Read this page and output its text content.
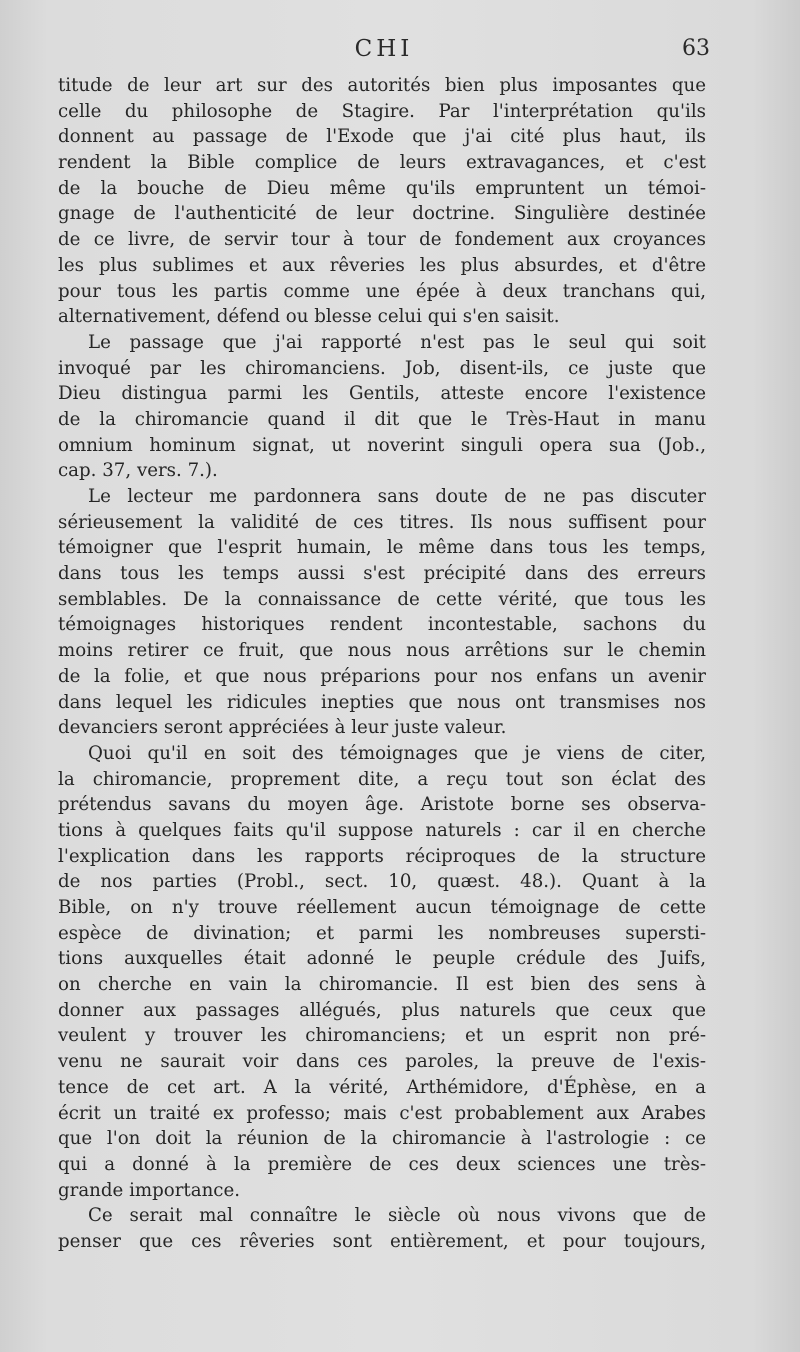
CHI	63
titude de leur art sur des autorités bien plus imposantes que
celle du philosophe de Stagire. Par l'interprétation qu'ils
donnent au passage de l'Exode que j'ai cité plus haut, ils
rendent la Bible complice de leurs extravagances, et c'est
de la bouche de Dieu même qu'ils empruntent un témoi-
gnage de l'authenticité de leur doctrine. Singulière destinée
de ce livre, de servir tour à tour de fondement aux croyances
les plus sublimes et aux rêveries les plus absurdes, et d'être
pour tous les partis comme une épée à deux tranchans qui,
alternativement, défend ou blesse celui qui s'en saisit.
Le passage que j'ai rapporté n'est pas le seul qui soit
invoqué par les chiromanciens. Job, disent-ils, ce juste que
Dieu distingua parmi les Gentils, atteste encore l'existence
de la chiromancie quand il dit que le Très-Haut in manu
omnium hominum signat, ut noverint singuli opera sua (Job.,
cap. 37, vers. 7.).
Le lecteur me pardonnera sans doute de ne pas discuter
sérieusement la validité de ces titres. Ils nous suffisent pour
témoigner que l'esprit humain, le même dans tous les temps,
dans tous les temps aussi s'est précipité dans des erreurs
semblables. De la connaissance de cette vérité, que tous les
témoignages historiques rendent incontestable, sachons du
moins retirer ce fruit, que nous nous arrêtions sur le chemin
de la folie, et que nous préparions pour nos enfans un avenir
dans lequel les ridicules inepties que nous ont transmises nos
devanciers seront appréciées à leur juste valeur.
Quoi qu'il en soit des témoignages que je viens de citer,
la chiromancie, proprement dite, a reçu tout son éclat des
prétendus savans du moyen âge. Aristote borne ses observa-
tions à quelques faits qu'il suppose naturels : car il en cherche
l'explication dans les rapports réciproques de la structure
de nos parties (Probl., sect. 10, quæst. 48.). Quant à la
Bible, on n'y trouve réellement aucun témoignage de cette
espèce de divination; et parmi les nombreuses supersti-
tions auxquelles était adonné le peuple crédule des Juifs,
on cherche en vain la chiromancie. Il est bien des sens à
donner aux passages allégués, plus naturels que ceux que
veulent y trouver les chiromanciens; et un esprit non pré-
venu ne saurait voir dans ces paroles, la preuve de l'exis-
tence de cet art. A la vérité, Arthémidore, d'Éphèse, en a
écrit un traité ex professo; mais c'est probablement aux Arabes
que l'on doit la réunion de la chiromancie à l'astrologie : ce
qui a donné à la première de ces deux sciences une très-
grande importance.
Ce serait mal connaître le siècle où nous vivons que de
penser que ces rêveries sont entièrement, et pour toujours,
